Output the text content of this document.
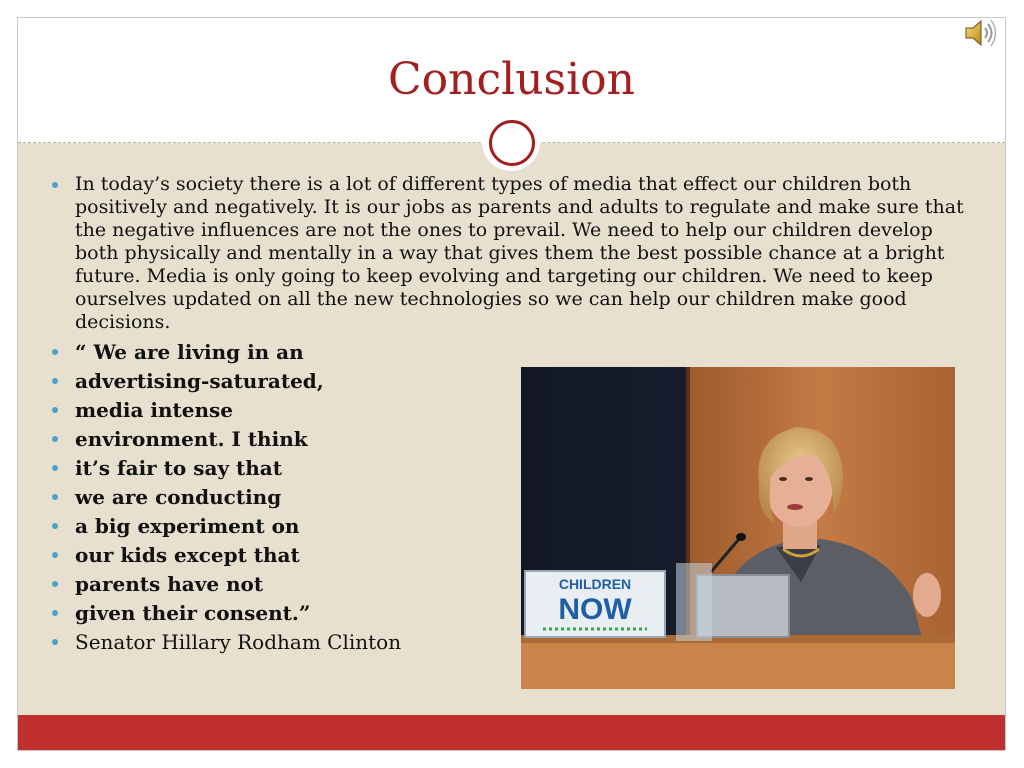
Conclusion
In today’s society there is a lot of different types of media that effect our children both positively and negatively. It is our jobs as parents and adults to regulate and make sure that the negative influences are not the ones to prevail. We need to help our children develop both physically and mentally in a way that gives them the best possible chance at a bright future. Media is only going to keep evolving and targeting our children. We need to keep ourselves updated on all the new technologies so we can help our children make good decisions.
“ We are living in an
advertising-saturated,
media intense
environment. I think
it’s fair to say that
we are conducting
a big experiment on
our kids except that
parents have not
given their consent.”
Senator Hillary Rodham Clinton
CHILDREN
NOW
